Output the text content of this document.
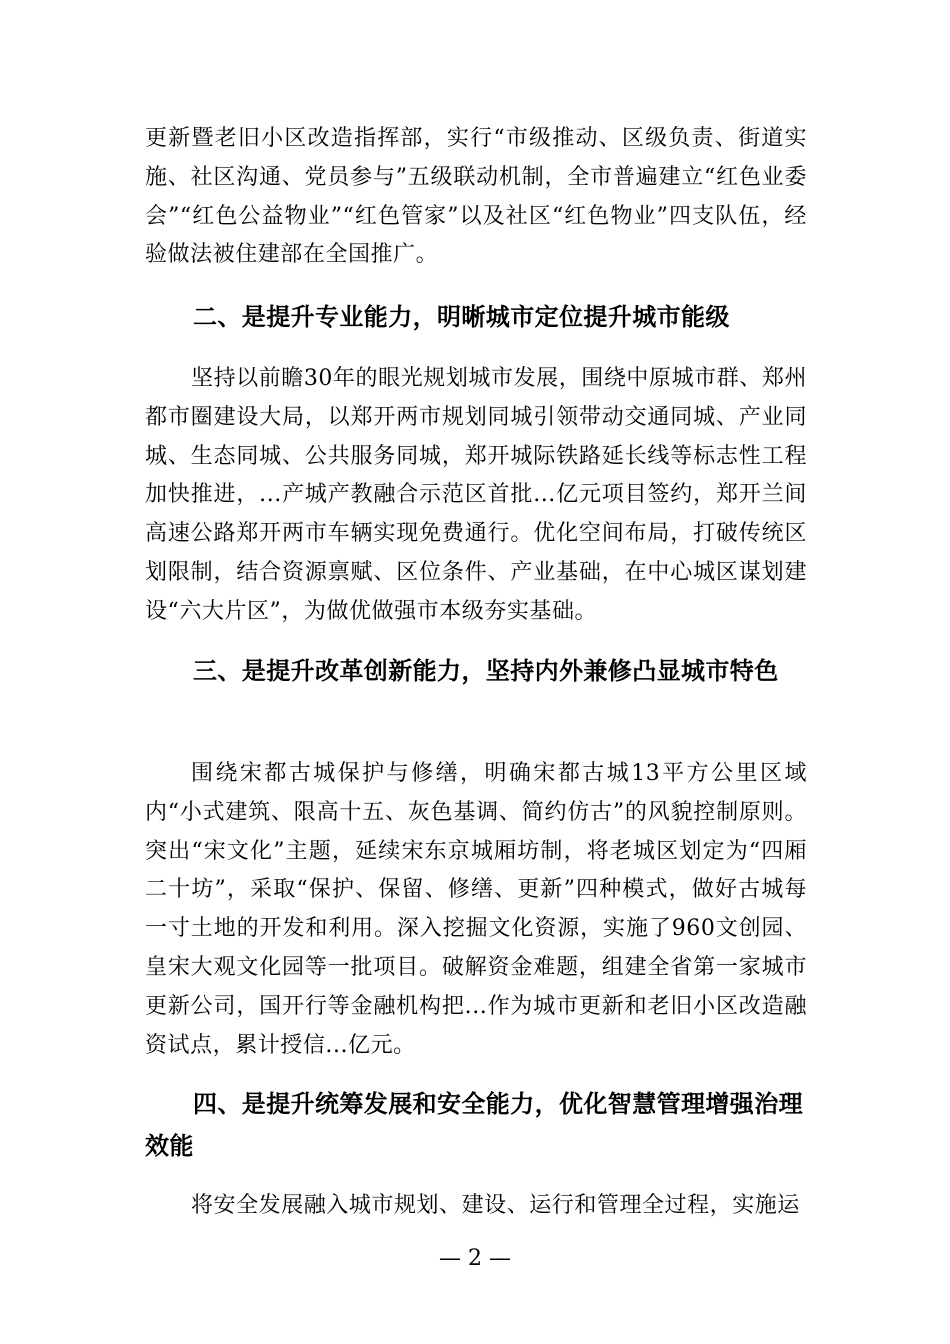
更新暨老旧小区改造指挥部，实行“市级推动、区级负责、街道实施、社区沟通、党员参与”五级联动机制，全市普遍建立“红色业委会”“红色公益物业”“红色管家”以及社区“红色物业”四支队伍，经验做法被住建部在全国推广。

二、是提升专业能力，明晰城市定位提升城市能级

坚持以前瞻30年的眼光规划城市发展，围绕中原城市群、郑州都市圈建设大局，以郑开两市规划同城引领带动交通同城、产业同城、生态同城、公共服务同城，郑开城际铁路延长线等标志性工程加快推进，...产城产教融合示范区首批...亿元项目签约，郑开兰间高速公路郑开两市车辆实现免费通行。优化空间布局，打破传统区划限制，结合资源禀赋、区位条件、产业基础，在中心城区谋划建设“六大片区”，为做优做强市本级夯实基础。

三、是提升改革创新能力，坚持内外兼修凸显城市特色

围绕宋都古城保护与修缮，明确宋都古城13平方公里区域内“小式建筑、限高十五、灰色基调、简约仿古”的风貌控制原则。突出“宋文化”主题，延续宋东京城厢坊制，将老城区划定为“四厢二十坊”，采取“保护、保留、修缮、更新”四种模式，做好古城每一寸土地的开发和利用。深入挖掘文化资源，实施了960文创园、皇宋大观文化园等一批项目。破解资金难题，组建全省第一家城市更新公司，国开行等金融机构把...作为城市更新和老旧小区改造融资试点，累计授信...亿元。

四、是提升统筹发展和安全能力，优化智慧管理增强治理效能

将安全发展融入城市规划、建设、运行和管理全过程，实施运

— 2 —
